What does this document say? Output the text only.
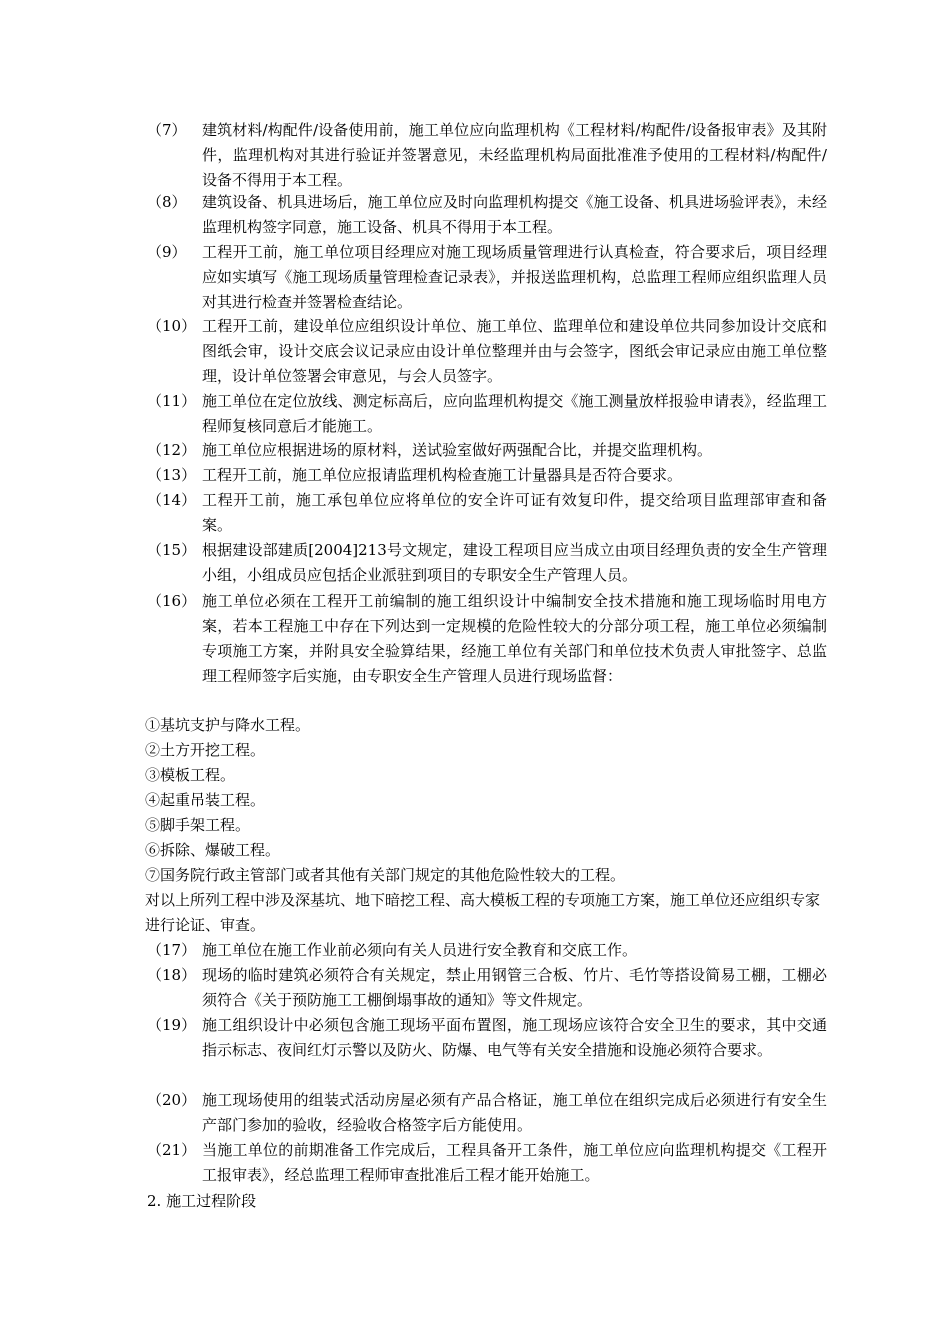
（7）	建筑材料/构配件/设备使用前，施工单位应向监理机构《工程材料/构配件/设备报审表》及其附件，监理机构对其进行验证并签署意见，未经监理机构局面批准准予使用的工程材料/构配件/设备不得用于本工程。
（8）	建筑设备、机具进场后，施工单位应及时向监理机构提交《施工设备、机具进场验评表》，未经监理机构签字同意，施工设备、机具不得用于本工程。
（9）	工程开工前，施工单位项目经理应对施工现场质量管理进行认真检查，符合要求后，项目经理应如实填写《施工现场质量管理检查记录表》，并报送监理机构，总监理工程师应组织监理人员对其进行检查并签署检查结论。
（10） 工程开工前，建设单位应组织设计单位、施工单位、监理单位和建设单位共同参加设计交底和图纸会审，设计交底会议记录应由设计单位整理并由与会签字，图纸会审记录应由施工单位整理，设计单位签署会审意见，与会人员签字。
（11） 施工单位在定位放线、测定标高后，应向监理机构提交《施工测量放样报验申请表》，经监理工程师复核同意后才能施工。
（12） 施工单位应根据进场的原材料，送试验室做好两强配合比，并提交监理机构。
（13） 工程开工前，施工单位应报请监理机构检查施工计量器具是否符合要求。
（14） 工程开工前，施工承包单位应将单位的安全许可证有效复印件，提交给项目监理部审查和备案。
（15） 根据建设部建质[2004]213号文规定，建设工程项目应当成立由项目经理负责的安全生产管理小组，小组成员应包括企业派驻到项目的专职安全生产管理人员。
（16） 施工单位必须在工程开工前编制的施工组织设计中编制安全技术措施和施工现场临时用电方案，若本工程施工中存在下列达到一定规模的危险性较大的分部分项工程，施工单位必须编制专项施工方案，并附具安全验算结果，经施工单位有关部门和单位技术负责人审批签字、总监理工程师签字后实施，由专职安全生产管理人员进行现场监督：
①基坑支护与降水工程。
②土方开挖工程。
③模板工程。
④起重吊装工程。
⑤脚手架工程。
⑥拆除、爆破工程。
⑦国务院行政主管部门或者其他有关部门规定的其他危险性较大的工程。
对以上所列工程中涉及深基坑、地下暗挖工程、高大模板工程的专项施工方案，施工单位还应组织专家进行论证、审查。
（17） 施工单位在施工作业前必须向有关人员进行安全教育和交底工作。
（18） 现场的临时建筑必须符合有关规定，禁止用钢管三合板、竹片、毛竹等搭设简易工棚，工棚必须符合《关于预防施工工棚倒塌事故的通知》等文件规定。
（19） 施工组织设计中必须包含施工现场平面布置图，施工现场应该符合安全卫生的要求，其中交通指示标志、夜间红灯示警以及防火、防爆、电气等有关安全措施和设施必须符合要求。
（20） 施工现场使用的组装式活动房屋必须有产品合格证，施工单位在组织完成后必须进行有安全生产部门参加的验收，经验收合格签字后方能使用。
（21） 当施工单位的前期准备工作完成后，工程具备开工条件，施工单位应向监理机构提交《工程开工报审表》，经总监理工程师审查批准后工程才能开始施工。
2. 施工过程阶段
